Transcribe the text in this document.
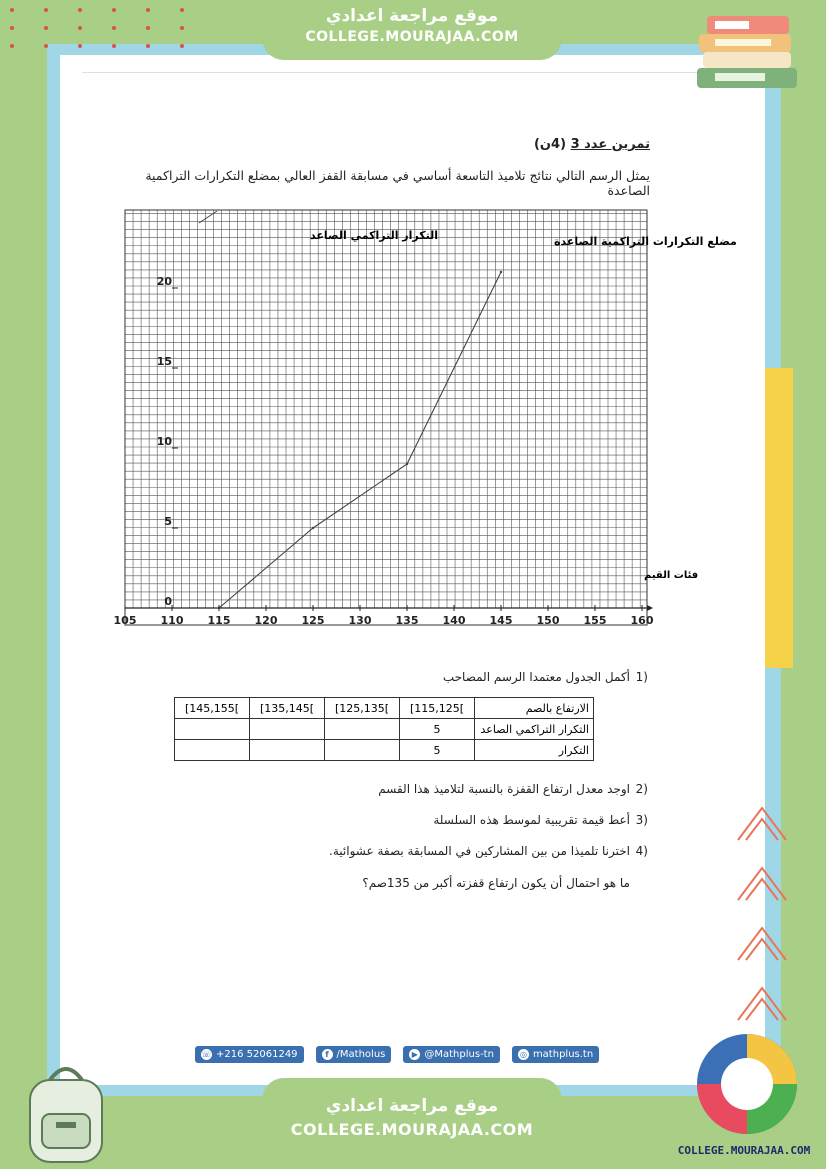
موقع مراجعة اعدادي
COLLEGE.MOURAJAA.COM
تمرين عدد 3 (4ن)
يمثل الرسم التالي نتائج تلاميذ التاسعة أساسي في مسابقة القفز العالي بمضلع التكرارات التراكمية الصاعدة
105 110 115 120 125 130 135 140 145 150 155 160
0
5
10
15
20
التكرار التراكمي الصاعد	مضلع التكرارات التراكمية الصاعدة
فئات القيم
أكمل الجدول معتمدا الرسم المصاحب 1)
[145,155[	[135,145[	[125,135[	[115,125[	الارتفاع بالصم
			5	التكرار التراكمي الصاعد
			5	التكرار
اوجد معدل ارتفاع القفزة بالنسبة لتلاميذ هذا القسم 2)
أعط قيمة تقريبية لموسط هذه السلسلة 3)
اخترنا تلميذا من بين المشاركين في المسابقة بصفة عشوائية. 4)
ما هو احتمال أن يكون ارتفاع قفزته أكبر من 135صم؟
☏ +216 52061249	f /Matholus	▶ @Mathplus-tn	◎ mathplus.tn
موقع مراجعة اعدادي
COLLEGE.MOURAJAA.COM
COLLEGE.MOURAJAA.COM
